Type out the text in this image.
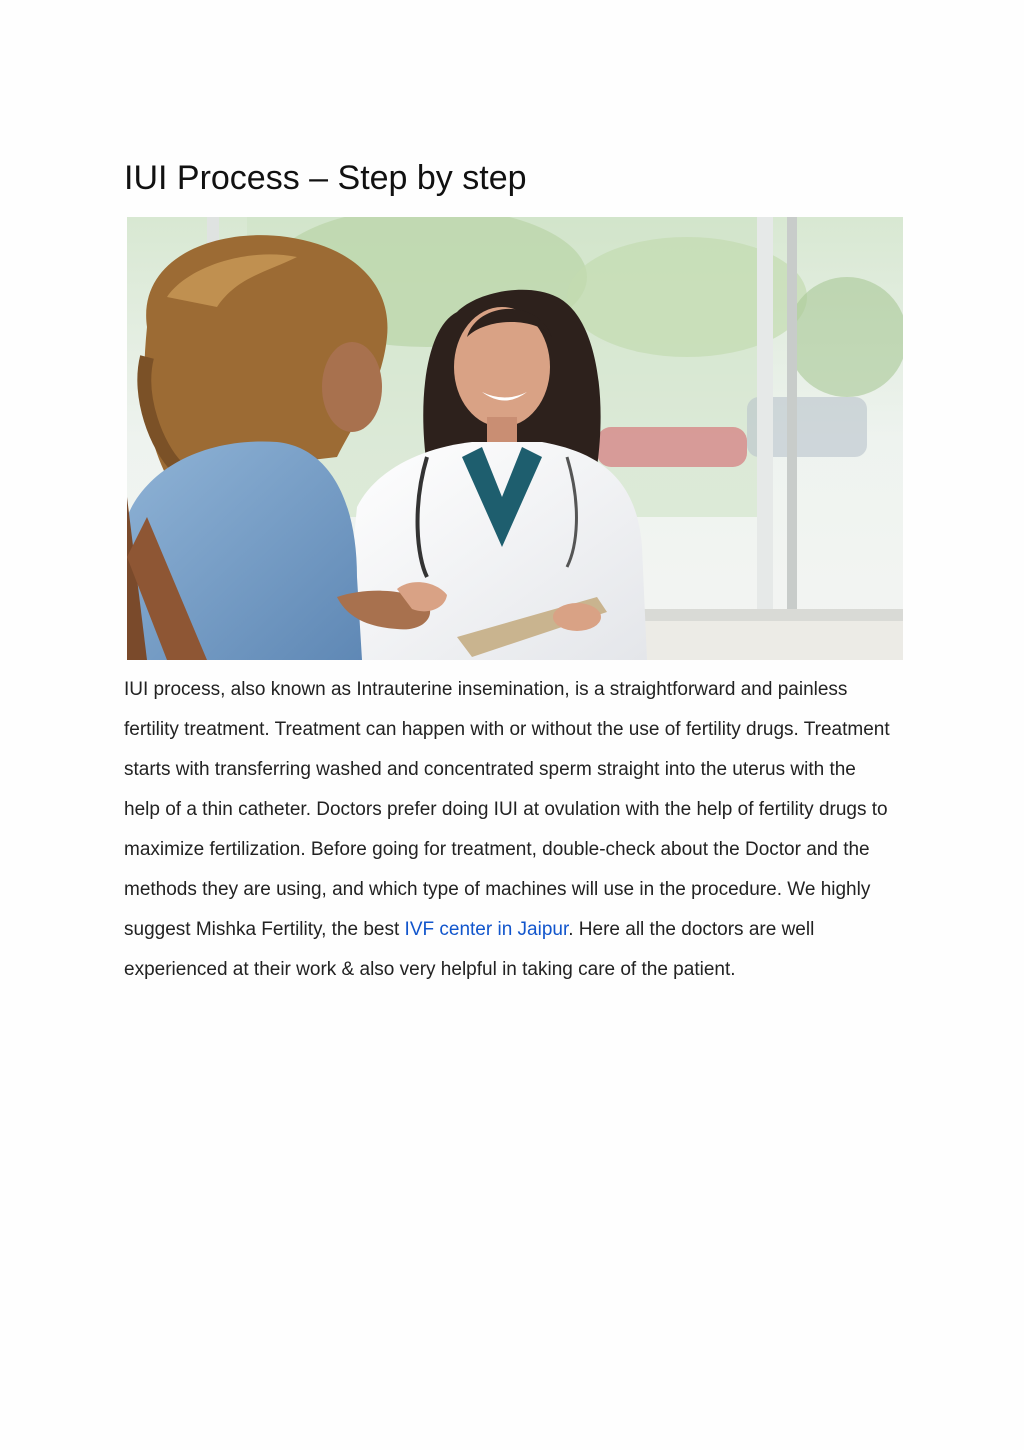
IUI Process – Step by step

IUI process, also known as Intrauterine insemination, is a straightforward and painless fertility treatment. Treatment can happen with or without the use of fertility drugs. Treatment starts with transferring washed and concentrated sperm straight into the uterus with the help of a thin catheter. Doctors prefer doing IUI at ovulation with the help of fertility drugs to maximize fertilization. Before going for treatment, double-check about the Doctor and the methods they are using, and which type of machines will use in the procedure. We highly suggest Mishka Fertility, the best IVF center in Jaipur. Here all the doctors are well experienced at their work & also very helpful in taking care of the patient.
